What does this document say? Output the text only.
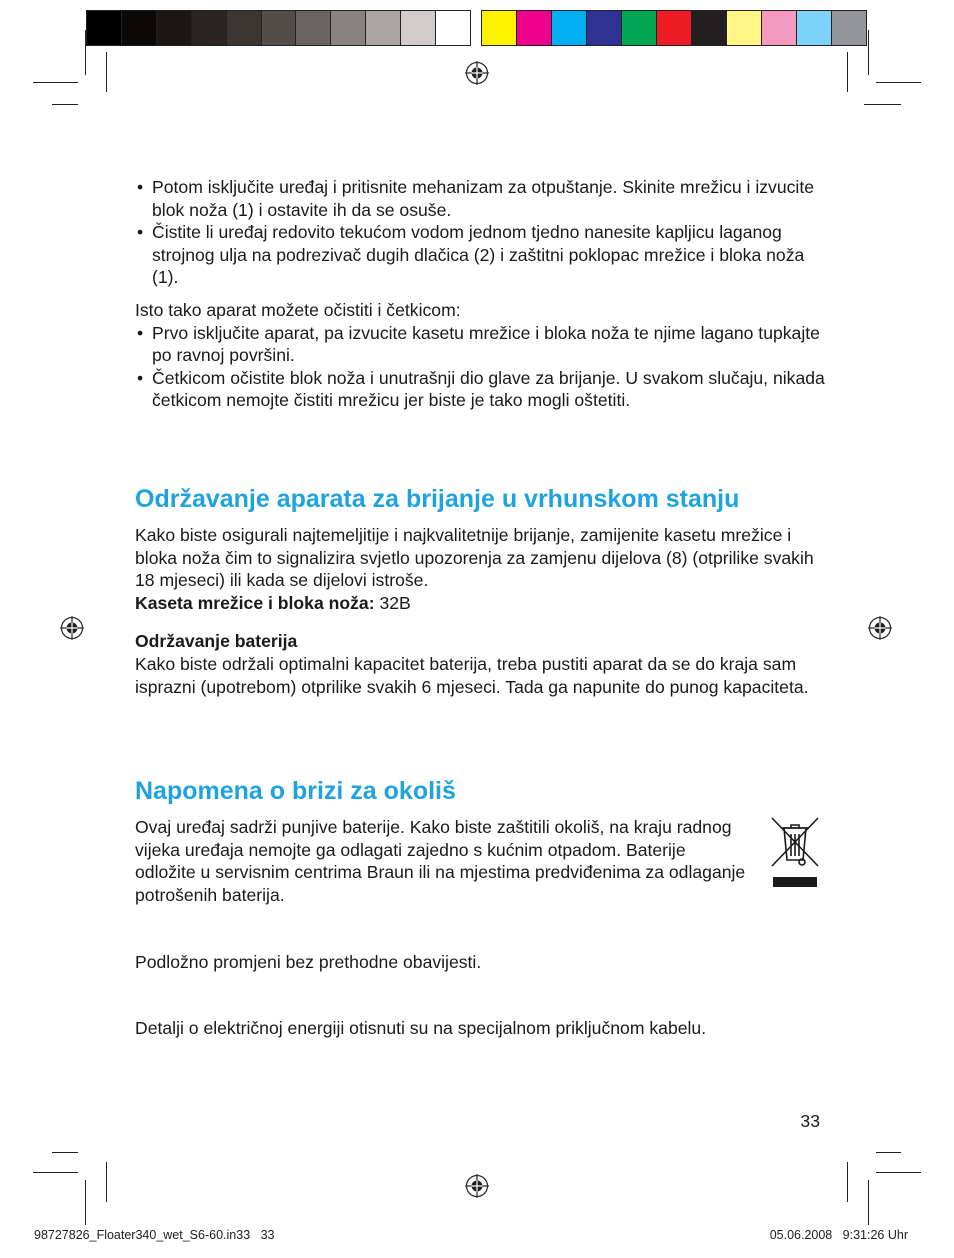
• Potom isključite uređaj i pritisnite mehanizam za otpuštanje. Skinite mrežicu i izvucite blok noža (1) i ostavite ih da se osuše.
• Čistite li uređaj redovito tekućom vodom jednom tjedno nanesite kapljicu laganog strojnog ulja na podrezivač dugih dlačica (2) i zaštitni poklopac mrežice i bloka noža (1).

Isto tako aparat možete očistiti i četkicom:

• Prvo isključite aparat, pa izvucite kasetu mrežice i bloka noža te njime lagano tupkajte po ravnoj površini.
• Četkicom očistite blok noža i unutrašnji dio glave za brijanje. U svakom slučaju, nikada četkicom nemojte čistiti mrežicu jer biste je tako mogli oštetiti.
Održavanje aparata za brijanje u vrhunskom stanju

Kako biste osigurali najtemeljitije i najkvalitetnije brijanje, zamijenite kasetu mrežice i bloka noža čim to signalizira svjetlo upozorenja za zamjenu dijelova (8) (otprilike svakih 18 mjeseci) ili kada se dijelovi istroše.

Kaseta mrežice i bloka noža: 32B

Održavanje baterija

Kako biste održali optimalni kapacitet baterija, treba pustiti aparat da se do kraja sam isprazni (upotrebom) otprilike svakih 6 mjeseci. Tada ga napunite do punog kapaciteta.

Napomena o brizi za okoliš

Ovaj uređaj sadrži punjive baterije. Kako biste zaštitili okoliš, na kraju radnog vijeka uređaja nemojte ga odlagati zajedno s kućnim otpadom. Baterije odložite u servisnim centrima Braun ili na mjestima predviđenima za odlaganje potrošenih baterija.

Podložno promjeni bez prethodne obavijesti.

Detalji o električnoj energiji otisnuti su na specijalnom priključnom kabelu.

33
98727826_Floater340_wet_S6-60.in33   33	05.06.2008   9:31:26 Uhr
